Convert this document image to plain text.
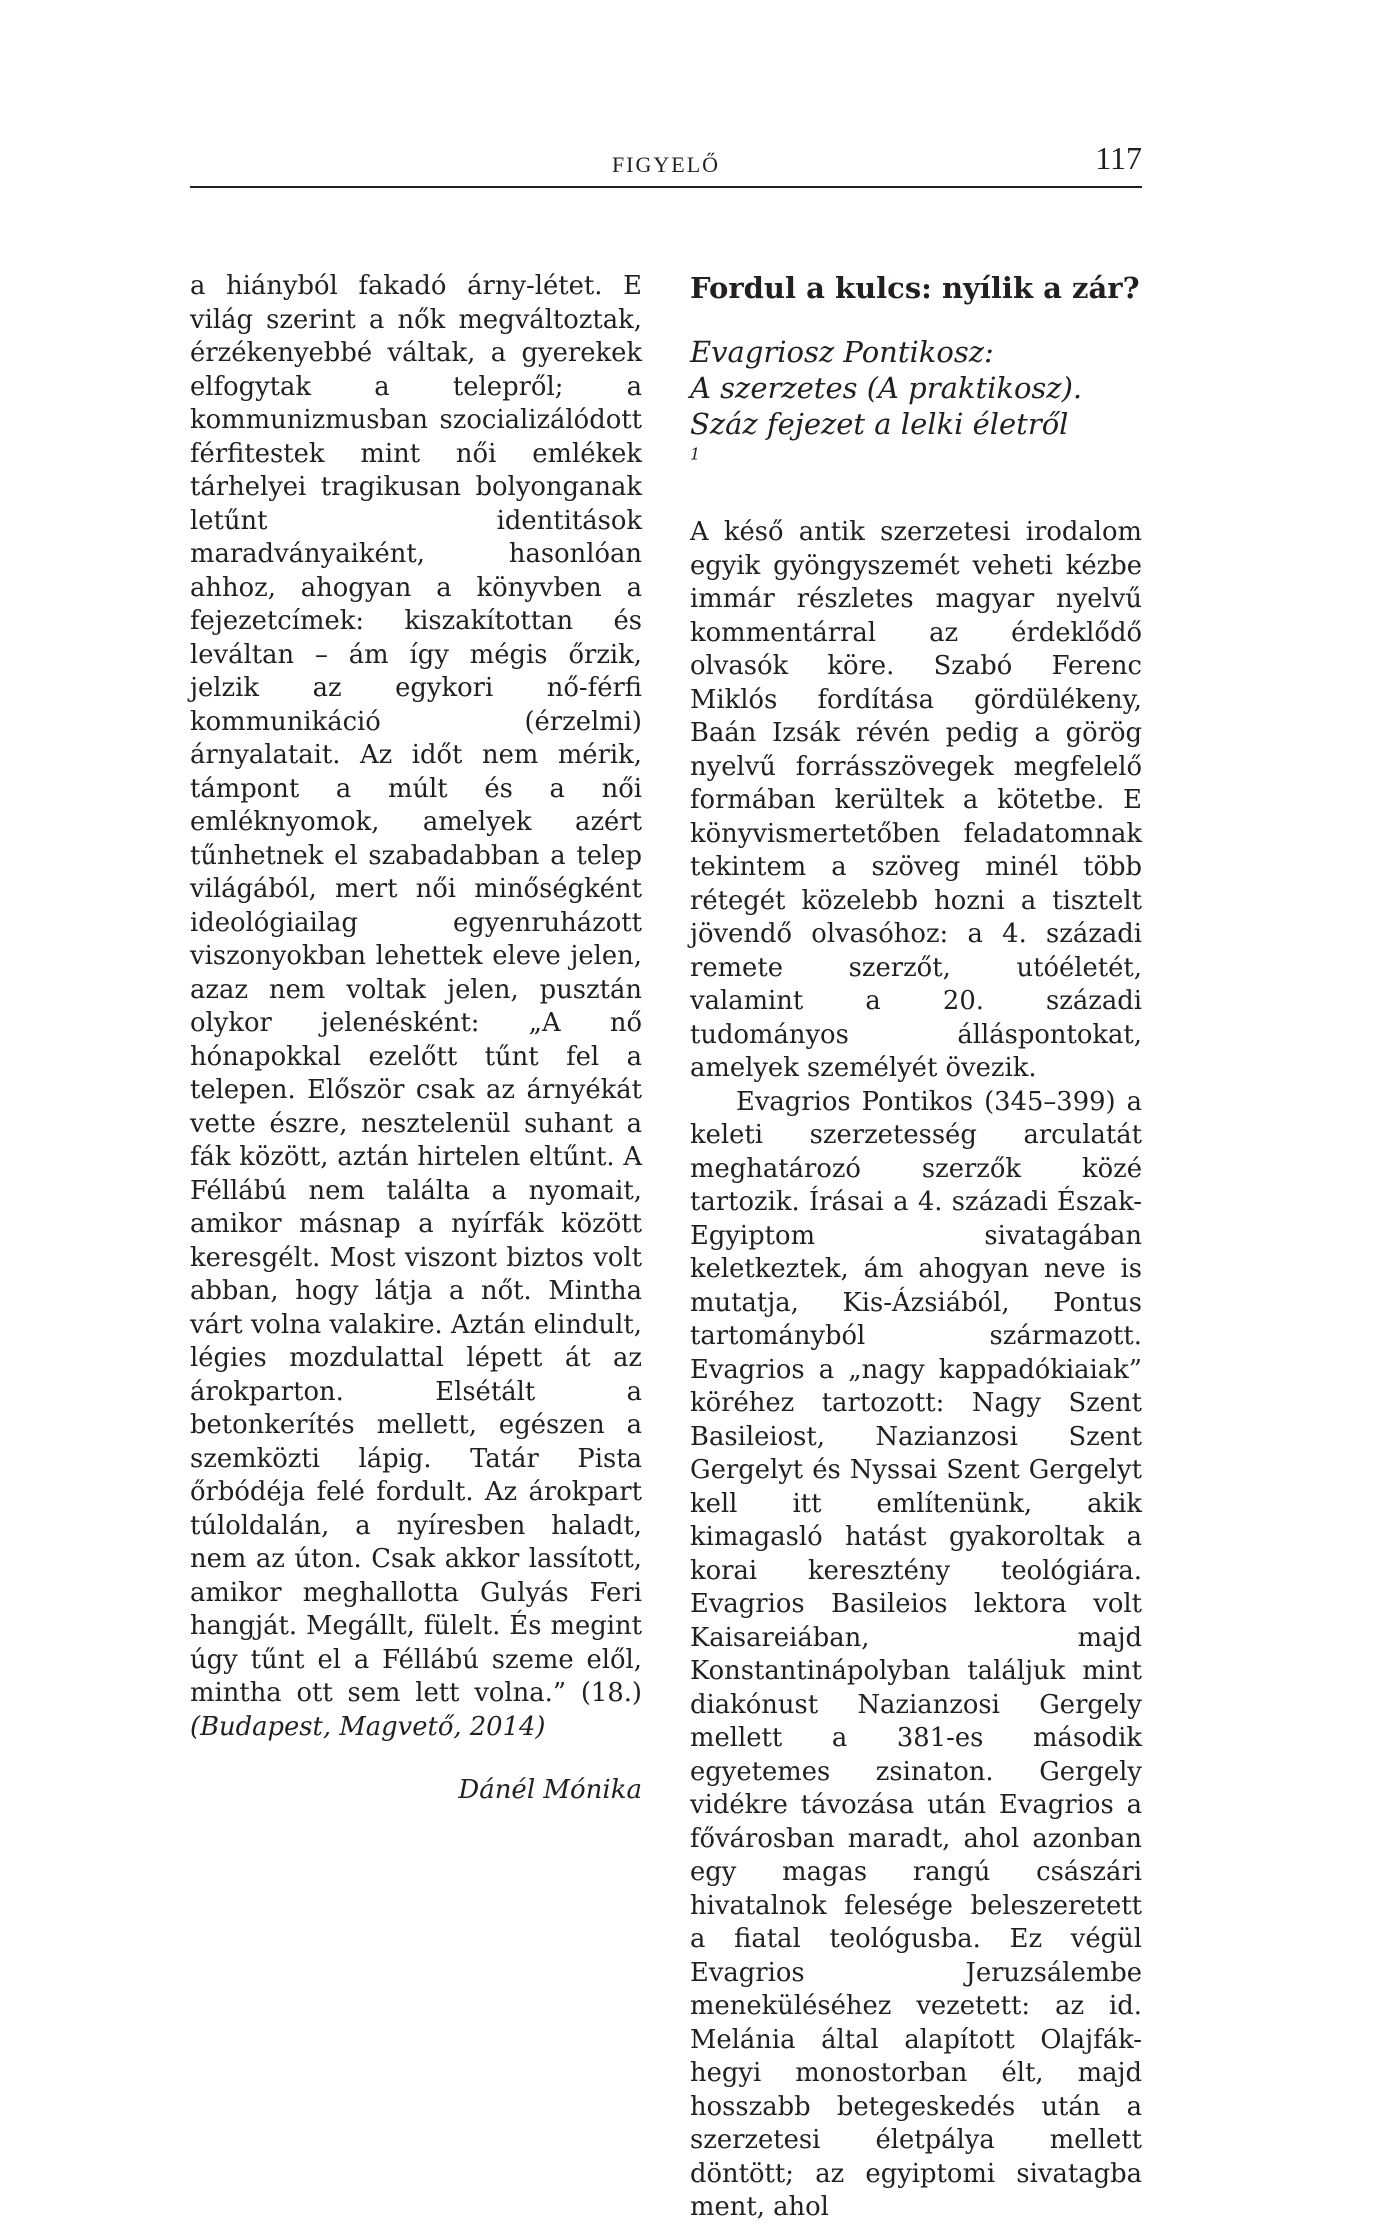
FIGYELŐ	117

a hiányból fakadó árny-létet. E világ szerint a nők megváltoztak, érzékenyebbé váltak, a gyerekek elfogytak a telepről; a kommunizmusban szocializálódott férfitestek mint női emlékek tárhelyei tragikusan bolyonganak letűnt identitások maradványaiként, hasonlóan ahhoz, ahogyan a könyvben a fejezetcímek: kiszakítottan és leváltan – ám így mégis őrzik, jelzik az egykori nő-férfi kommunikáció (érzelmi) árnyalatait. Az időt nem mérik, támpont a múlt és a női emléknyomok, amelyek azért tűnhetnek el szabadabban a telep világából, mert női minőségként ideológiailag egyenruházott viszonyokban lehettek eleve jelen, azaz nem voltak jelen, pusztán olykor jelenésként: „A nő hónapokkal ezelőtt tűnt fel a telepen. Először csak az árnyékát vette észre, nesztelenül suhant a fák között, aztán hirtelen eltűnt. A Féllábú nem találta a nyomait, amikor másnap a nyírfák között keresgélt. Most viszont biztos volt abban, hogy látja a nőt. Mintha várt volna valakire. Aztán elindult, légies mozdulattal lépett át az árokparton. Elsétált a betonkerítés mellett, egészen a szemközti lápig. Tatár Pista őrbódéja felé fordult. Az árokpart túloldalán, a nyíresben haladt, nem az úton. Csak akkor lassított, amikor meghallotta Gulyás Feri hangját. Megállt, fülelt. És megint úgy tűnt el a Féllábú szeme elől, mintha ott sem lett volna.” (18.) (Budapest, Magvető, 2014)

Dánél Mónika
Fordul a kulcs: nyílik a zár?
Evagriosz Pontikosz:
A szerzetes (A praktikosz).
Száz fejezet a lelki életről
$^1$

A késő antik szerzetesi irodalom egyik gyöngyszemét veheti kézbe immár részletes magyar nyelvű kommentárral az érdeklődő olvasók köre. Szabó Ferenc Miklós fordítása gördülékeny, Baán Izsák révén pedig a görög nyelvű forrásszövegek megfelelő formában kerültek a kötetbe. E könyvismertetőben feladatomnak tekintem a szöveg minél több rétegét közelebb hozni a tisztelt jövendő olvasóhoz: a 4. századi remete szerzőt, utóéletét, valamint a 20. századi tudományos álláspontokat, amelyek személyét övezik.

Evagrios Pontikos (345–399) a keleti szerzetesség arculatát meghatározó szerzők közé tartozik. Írásai a 4. századi Észak-Egyiptom sivatagában keletkeztek, ám ahogyan neve is mutatja, Kis-Ázsiából, Pontus tartományból származott. Evagrios a „nagy kappadókiaiak” köréhez tartozott: Nagy Szent Basileiost, Nazianzosi Szent Gergelyt és Nyssai Szent Gergelyt kell itt említenünk, akik kimagasló hatást gyakoroltak a korai keresztény teológiára. Evagrios Basileios lektora volt Kaisareiában, majd Konstantinápolyban találjuk mint diakónust Nazianzosi Gergely mellett a 381-es második egyetemes zsinaton. Gergely vidékre távozása után Evagrios a fővárosban maradt, ahol azonban egy magas rangú császári hivatalnok feleségе beleszeretett a fiatal teológusba. Ez végül Evagrios Jeruzsálembe meneküléséhez vezetett: az id. Melánia által alapított Olajfák-hegyi monostorban élt, majd hosszabb betegeskedés után a szerzetesi életpálya mellett döntött; az egyiptomi sivatagba ment, ahol
